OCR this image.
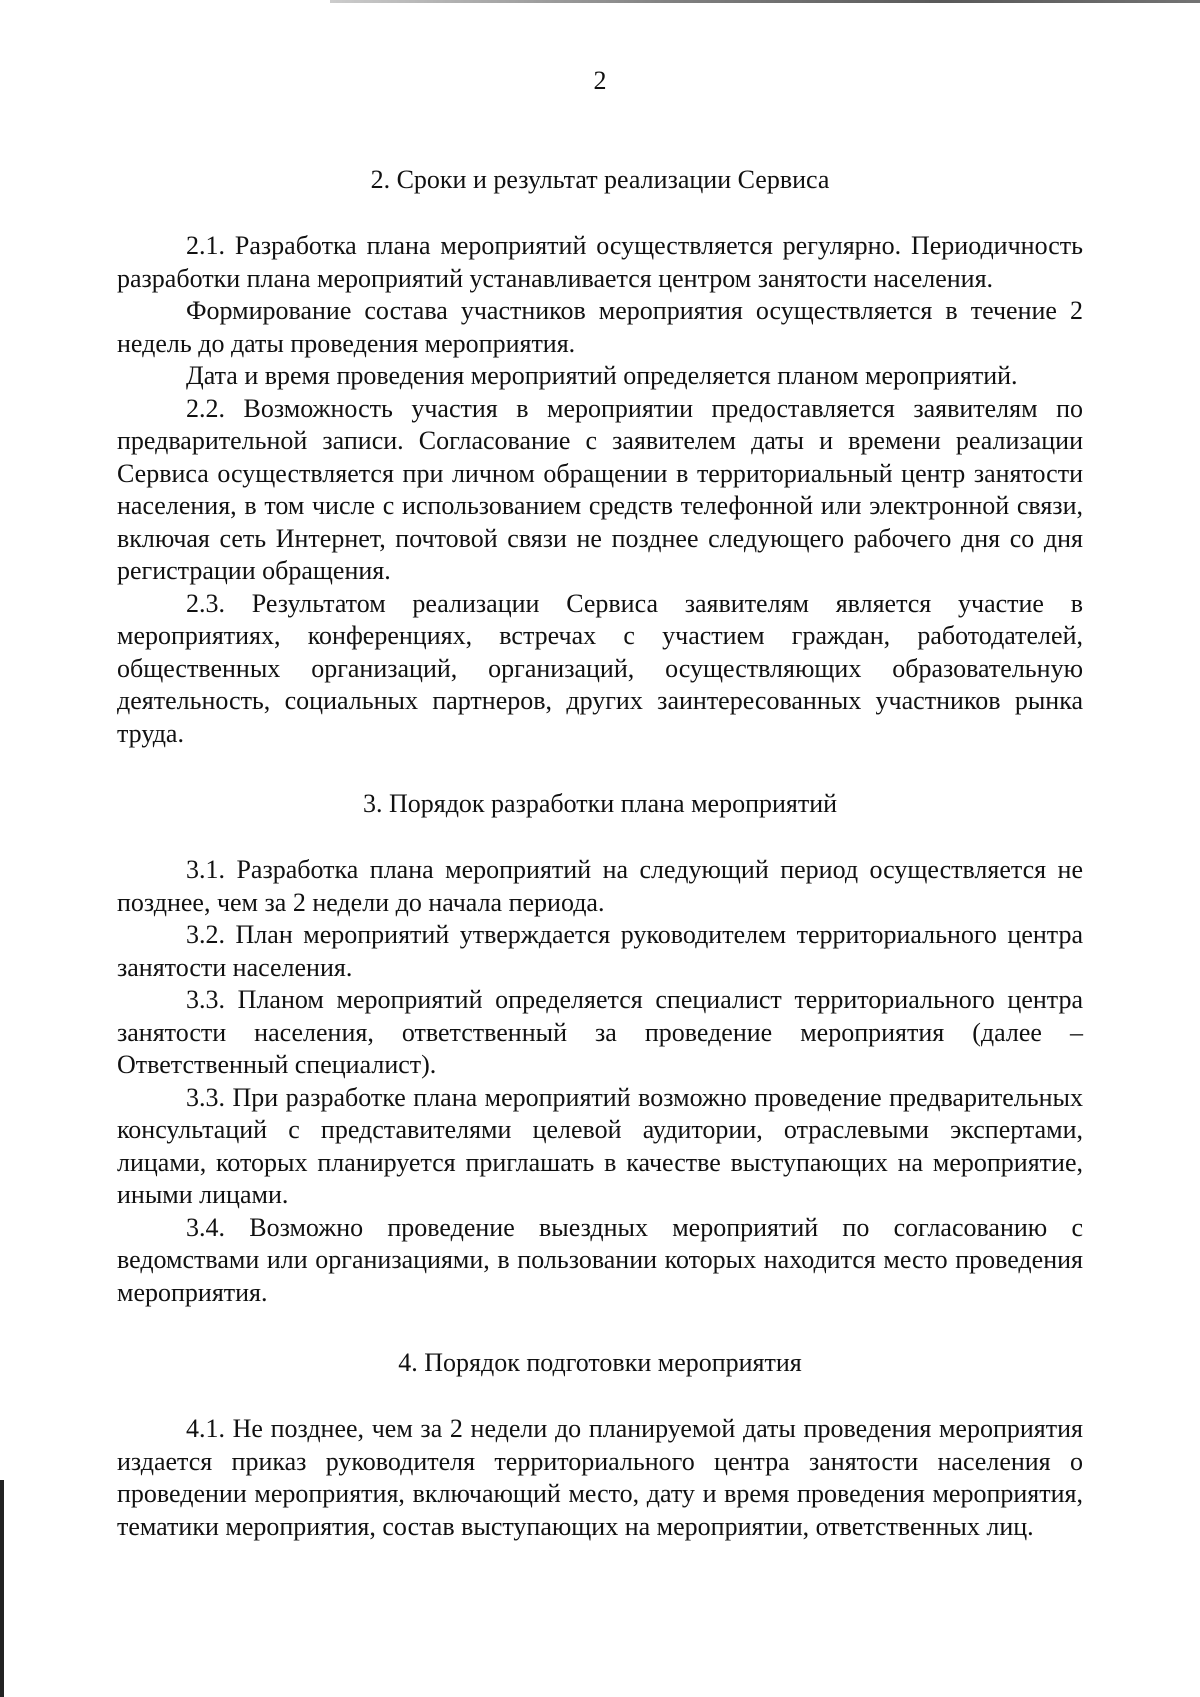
2
2. Сроки и результат реализации Сервиса

2.1. Разработка плана мероприятий осуществляется регулярно. Периодичность разработки плана мероприятий устанавливается центром занятости населения.

Формирование состава участников мероприятия осуществляется в течение 2 недель до даты проведения мероприятия.

Дата и время проведения мероприятий определяется планом мероприятий.

2.2. Возможность участия в мероприятии предоставляется заявителям по предварительной записи. Согласование с заявителем даты и времени реализации Сервиса осуществляется при личном обращении в территориальный центр занятости населения, в том числе с использованием средств телефонной или электронной связи, включая сеть Интернет, почтовой связи не позднее следующего рабочего дня со дня регистрации обращения.

2.3. Результатом реализации Сервиса заявителям является участие в мероприятиях, конференциях, встречах с участием граждан, работодателей, общественных организаций, организаций, осуществляющих образовательную деятельность, социальных партнеров, других заинтересованных участников рынка труда.

3. Порядок разработки плана мероприятий

3.1. Разработка плана мероприятий на следующий период осуществляется не позднее, чем за 2 недели до начала периода.

3.2. План мероприятий утверждается руководителем территориального центра занятости населения.

3.3. Планом мероприятий определяется специалист территориального центра занятости населения, ответственный за проведение мероприятия (далее – Ответственный специалист).

3.3. При разработке плана мероприятий возможно проведение предварительных консультаций с представителями целевой аудитории, отраслевыми экспертами, лицами, которых планируется приглашать в качестве выступающих на мероприятие, иными лицами.

3.4. Возможно проведение выездных мероприятий по согласованию с ведомствами или организациями, в пользовании которых находится место проведения мероприятия.

4. Порядок подготовки мероприятия

4.1. Не позднее, чем за 2 недели до планируемой даты проведения мероприятия издается приказ руководителя территориального центра занятости населения о проведении мероприятия, включающий место, дату и время проведения мероприятия, тематики мероприятия, состав выступающих на мероприятии, ответственных лиц.
